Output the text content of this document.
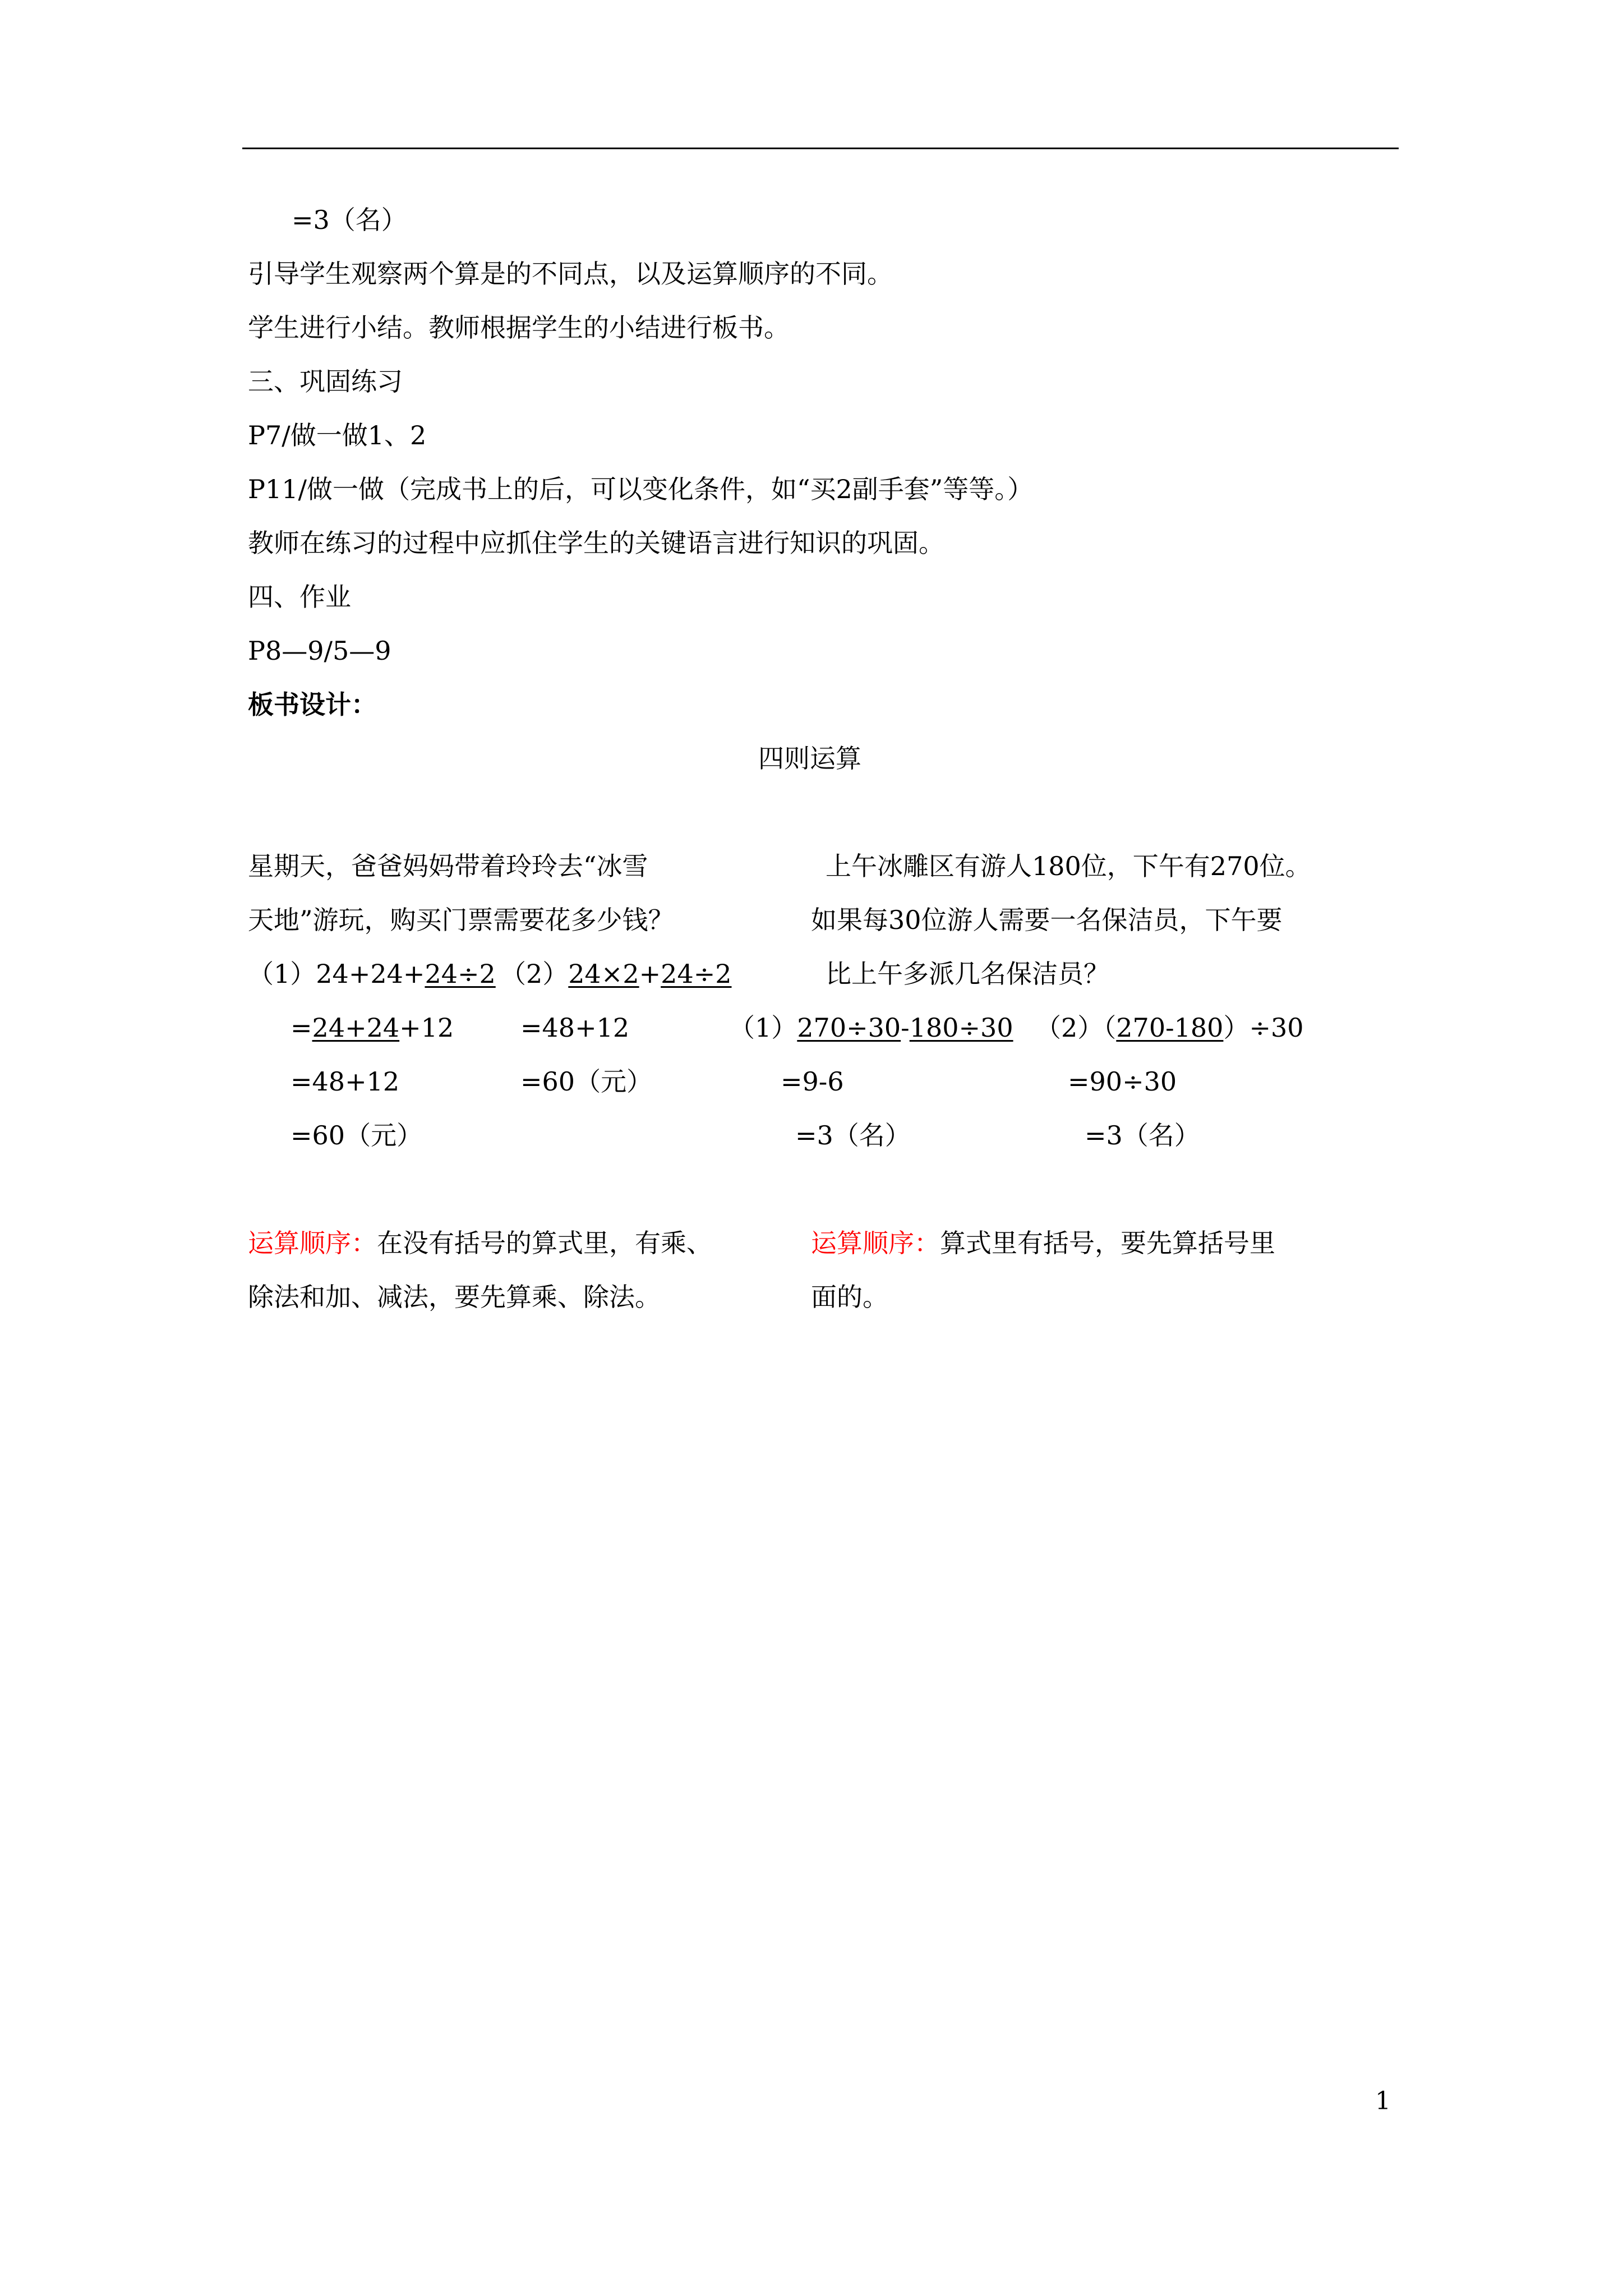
=3（名）
引导学生观察两个算是的不同点，以及运算顺序的不同。
学生进行小结。教师根据学生的小结进行板书。
三、巩固练习
P7/做一做1、2
P11/做一做（完成书上的后，可以变化条件，如“买2副手套”等等。）
教师在练习的过程中应抓住学生的关键语言进行知识的巩固。
四、作业
P8—9/5—9
板书设计：
四则运算
星期天，爸爸妈妈带着玲玲去“冰雪
天地”游玩，购买门票需要花多少钱？
（1）24+24+24÷2
=24+24+12
=48+12
=60（元）
（2）24×2+24÷2
=48+12
=60（元）
上午冰雕区有游人180位，下午有270位。
如果每30位游人需要一名保洁员，下午要
比上午多派几名保洁员？
（1）270÷30-180÷30
=9-6
=3（名）
（2）（270-180）÷30
=90÷30
=3（名）
运算顺序：在没有括号的算式里，有乘、
除法和加、减法，要先算乘、除法。
运算顺序：算式里有括号，要先算括号里
面的。
1
